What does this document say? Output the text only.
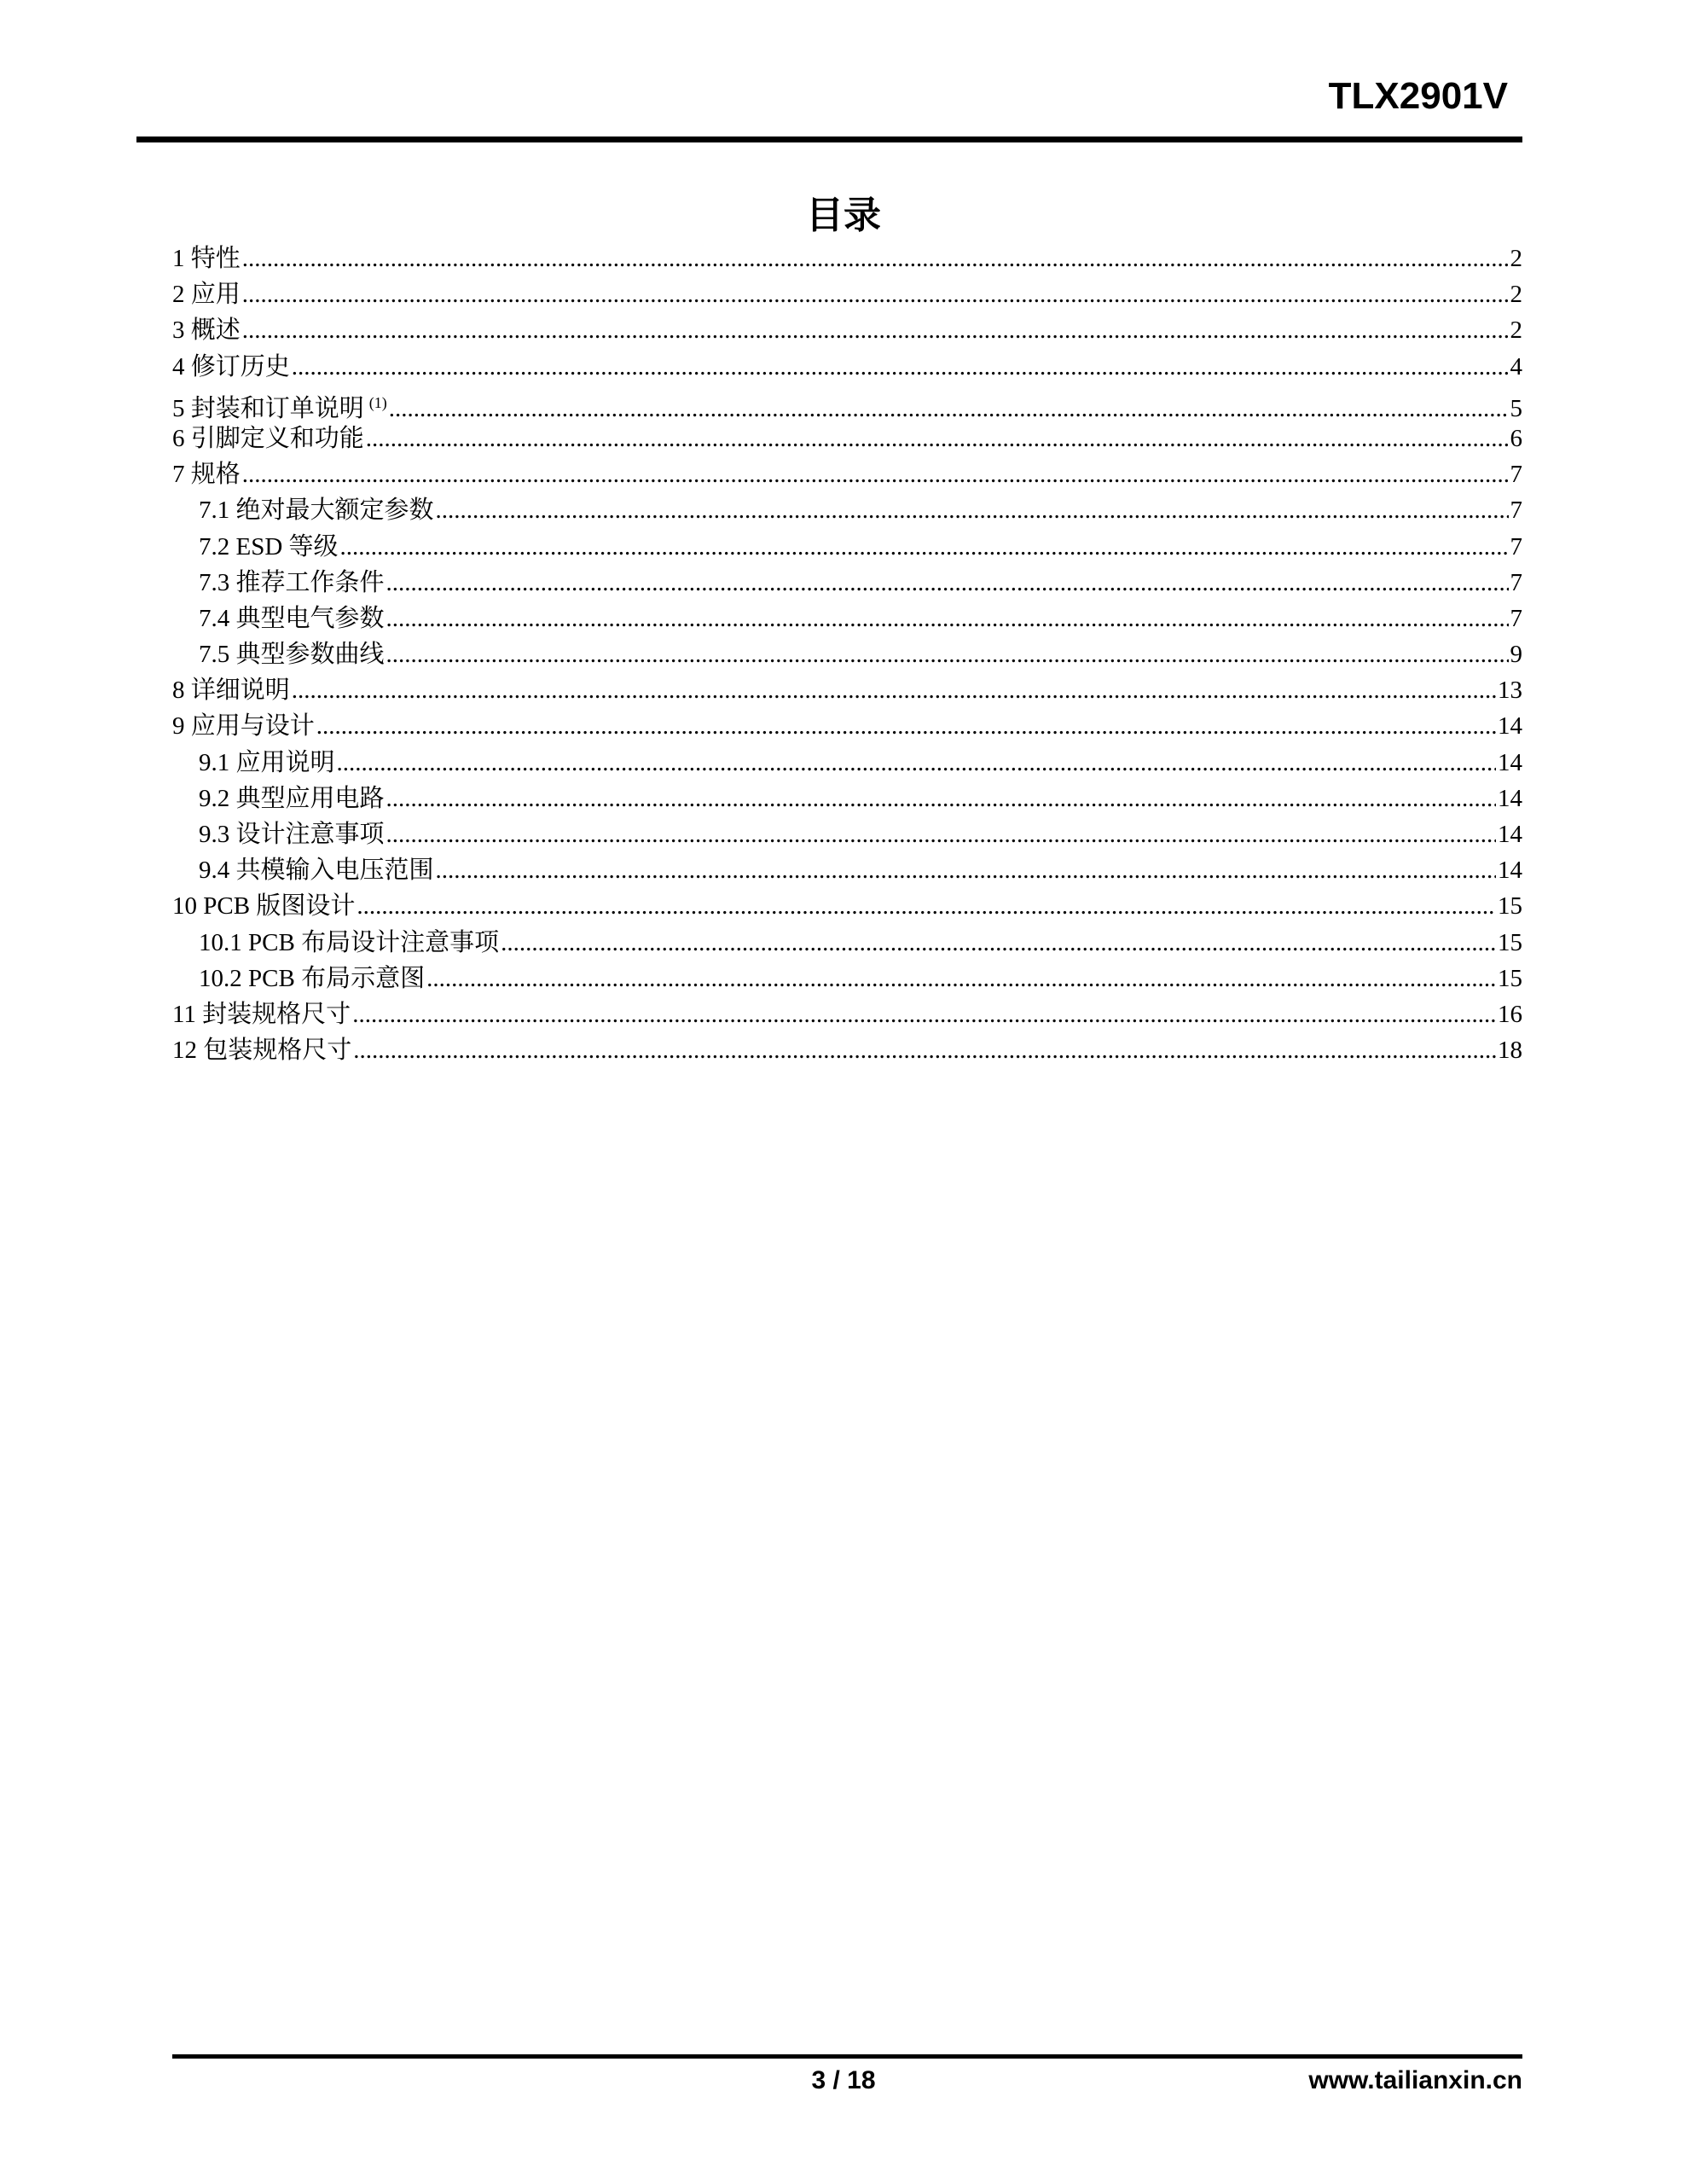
TLX2901V
目录
1 特性 .....	2
2 应用 .....	2
3 概述 .....	2
4 修订历史 .....	4
5 封装和订单说明 $^{(1)}$ .....	5
6 引脚定义和功能 .....	6
7 规格 .....	7
7.1 绝对最大额定参数 .....	7
7.2 ESD 等级 .....	7
7.3 推荐工作条件 .....	7
7.4 典型电气参数 .....	7
7.5 典型参数曲线 .....	9
8 详细说明 .....	13
9 应用与设计 .....	14
9.1 应用说明 .....	14
9.2 典型应用电路 .....	14
9.3 设计注意事项 .....	14
9.4 共模输入电压范围 .....	14
10 PCB 版图设计 .....	15
10.1 PCB 布局设计注意事项 .....	15
10.2 PCB 布局示意图 .....	15
11 封装规格尺寸 .....	16
12 包装规格尺寸 .....	18
3 / 18	www.tailianxin.cn
